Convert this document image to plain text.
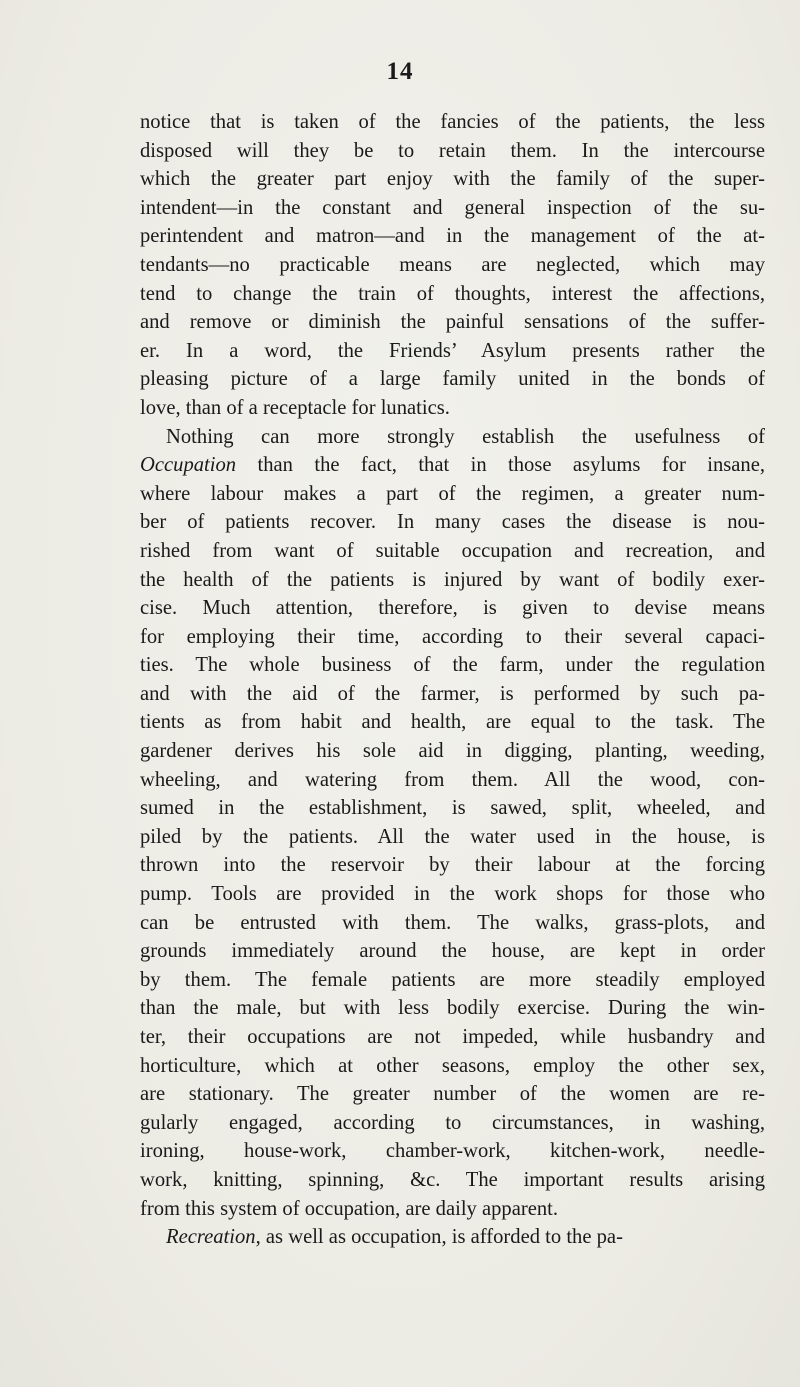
14
notice that is taken of the fancies of the patients, the less
disposed will they be to retain them. In the intercourse
which the greater part enjoy with the family of the super-
intendent—in the constant and general inspection of the su-
perintendent and matron—and in the management of the at-
tendants—no practicable means are neglected, which may
tend to change the train of thoughts, interest the affections,
and remove or diminish the painful sensations of the suffer-
er. In a word, the Friends’ Asylum presents rather the
pleasing picture of a large family united in the bonds of
love, than of a receptacle for lunatics.
Nothing can more strongly establish the usefulness of
Occupation than the fact, that in those asylums for insane,
where labour makes a part of the regimen, a greater num-
ber of patients recover. In many cases the disease is nou-
rished from want of suitable occupation and recreation, and
the health of the patients is injured by want of bodily exer-
cise. Much attention, therefore, is given to devise means
for employing their time, according to their several capaci-
ties. The whole business of the farm, under the regulation
and with the aid of the farmer, is performed by such pa-
tients as from habit and health, are equal to the task. The
gardener derives his sole aid in digging, planting, weeding,
wheeling, and watering from them. All the wood, con-
sumed in the establishment, is sawed, split, wheeled, and
piled by the patients. All the water used in the house, is
thrown into the reservoir by their labour at the forcing
pump. Tools are provided in the work shops for those who
can be entrusted with them. The walks, grass-plots, and
grounds immediately around the house, are kept in order
by them. The female patients are more steadily employed
than the male, but with less bodily exercise. During the win-
ter, their occupations are not impeded, while husbandry and
horticulture, which at other seasons, employ the other sex,
are stationary. The greater number of the women are re-
gularly engaged, according to circumstances, in washing,
ironing, house-work, chamber-work, kitchen-work, needle-
work, knitting, spinning, &c. The important results arising
from this system of occupation, are daily apparent.
Recreation, as well as occupation, is afforded to the pa-
